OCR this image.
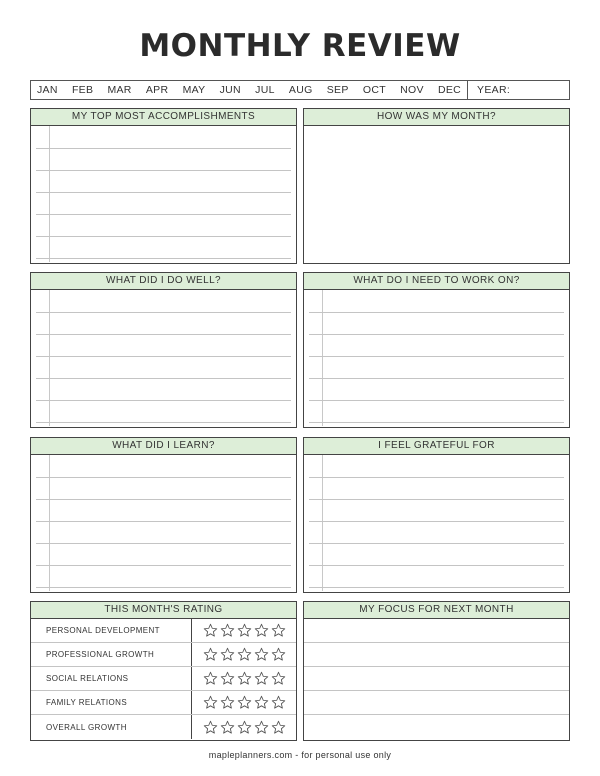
MONTHLY REVIEW
JAN FEB MAR APR MAY JUN JUL AUG SEP OCT NOV DEC	YEAR:
MY TOP MOST ACCOMPLISHMENTS	HOW WAS MY MONTH?
WHAT DID I DO WELL?	WHAT DO I NEED TO WORK ON?
WHAT DID I LEARN?	I FEEL GRATEFUL FOR
THIS MONTH'S RATING
PERSONAL DEVELOPMENT
PROFESSIONAL GROWTH
SOCIAL RELATIONS
FAMILY RELATIONS
OVERALL GROWTH
MY FOCUS FOR NEXT MONTH
mapleplanners.com - for personal use only
